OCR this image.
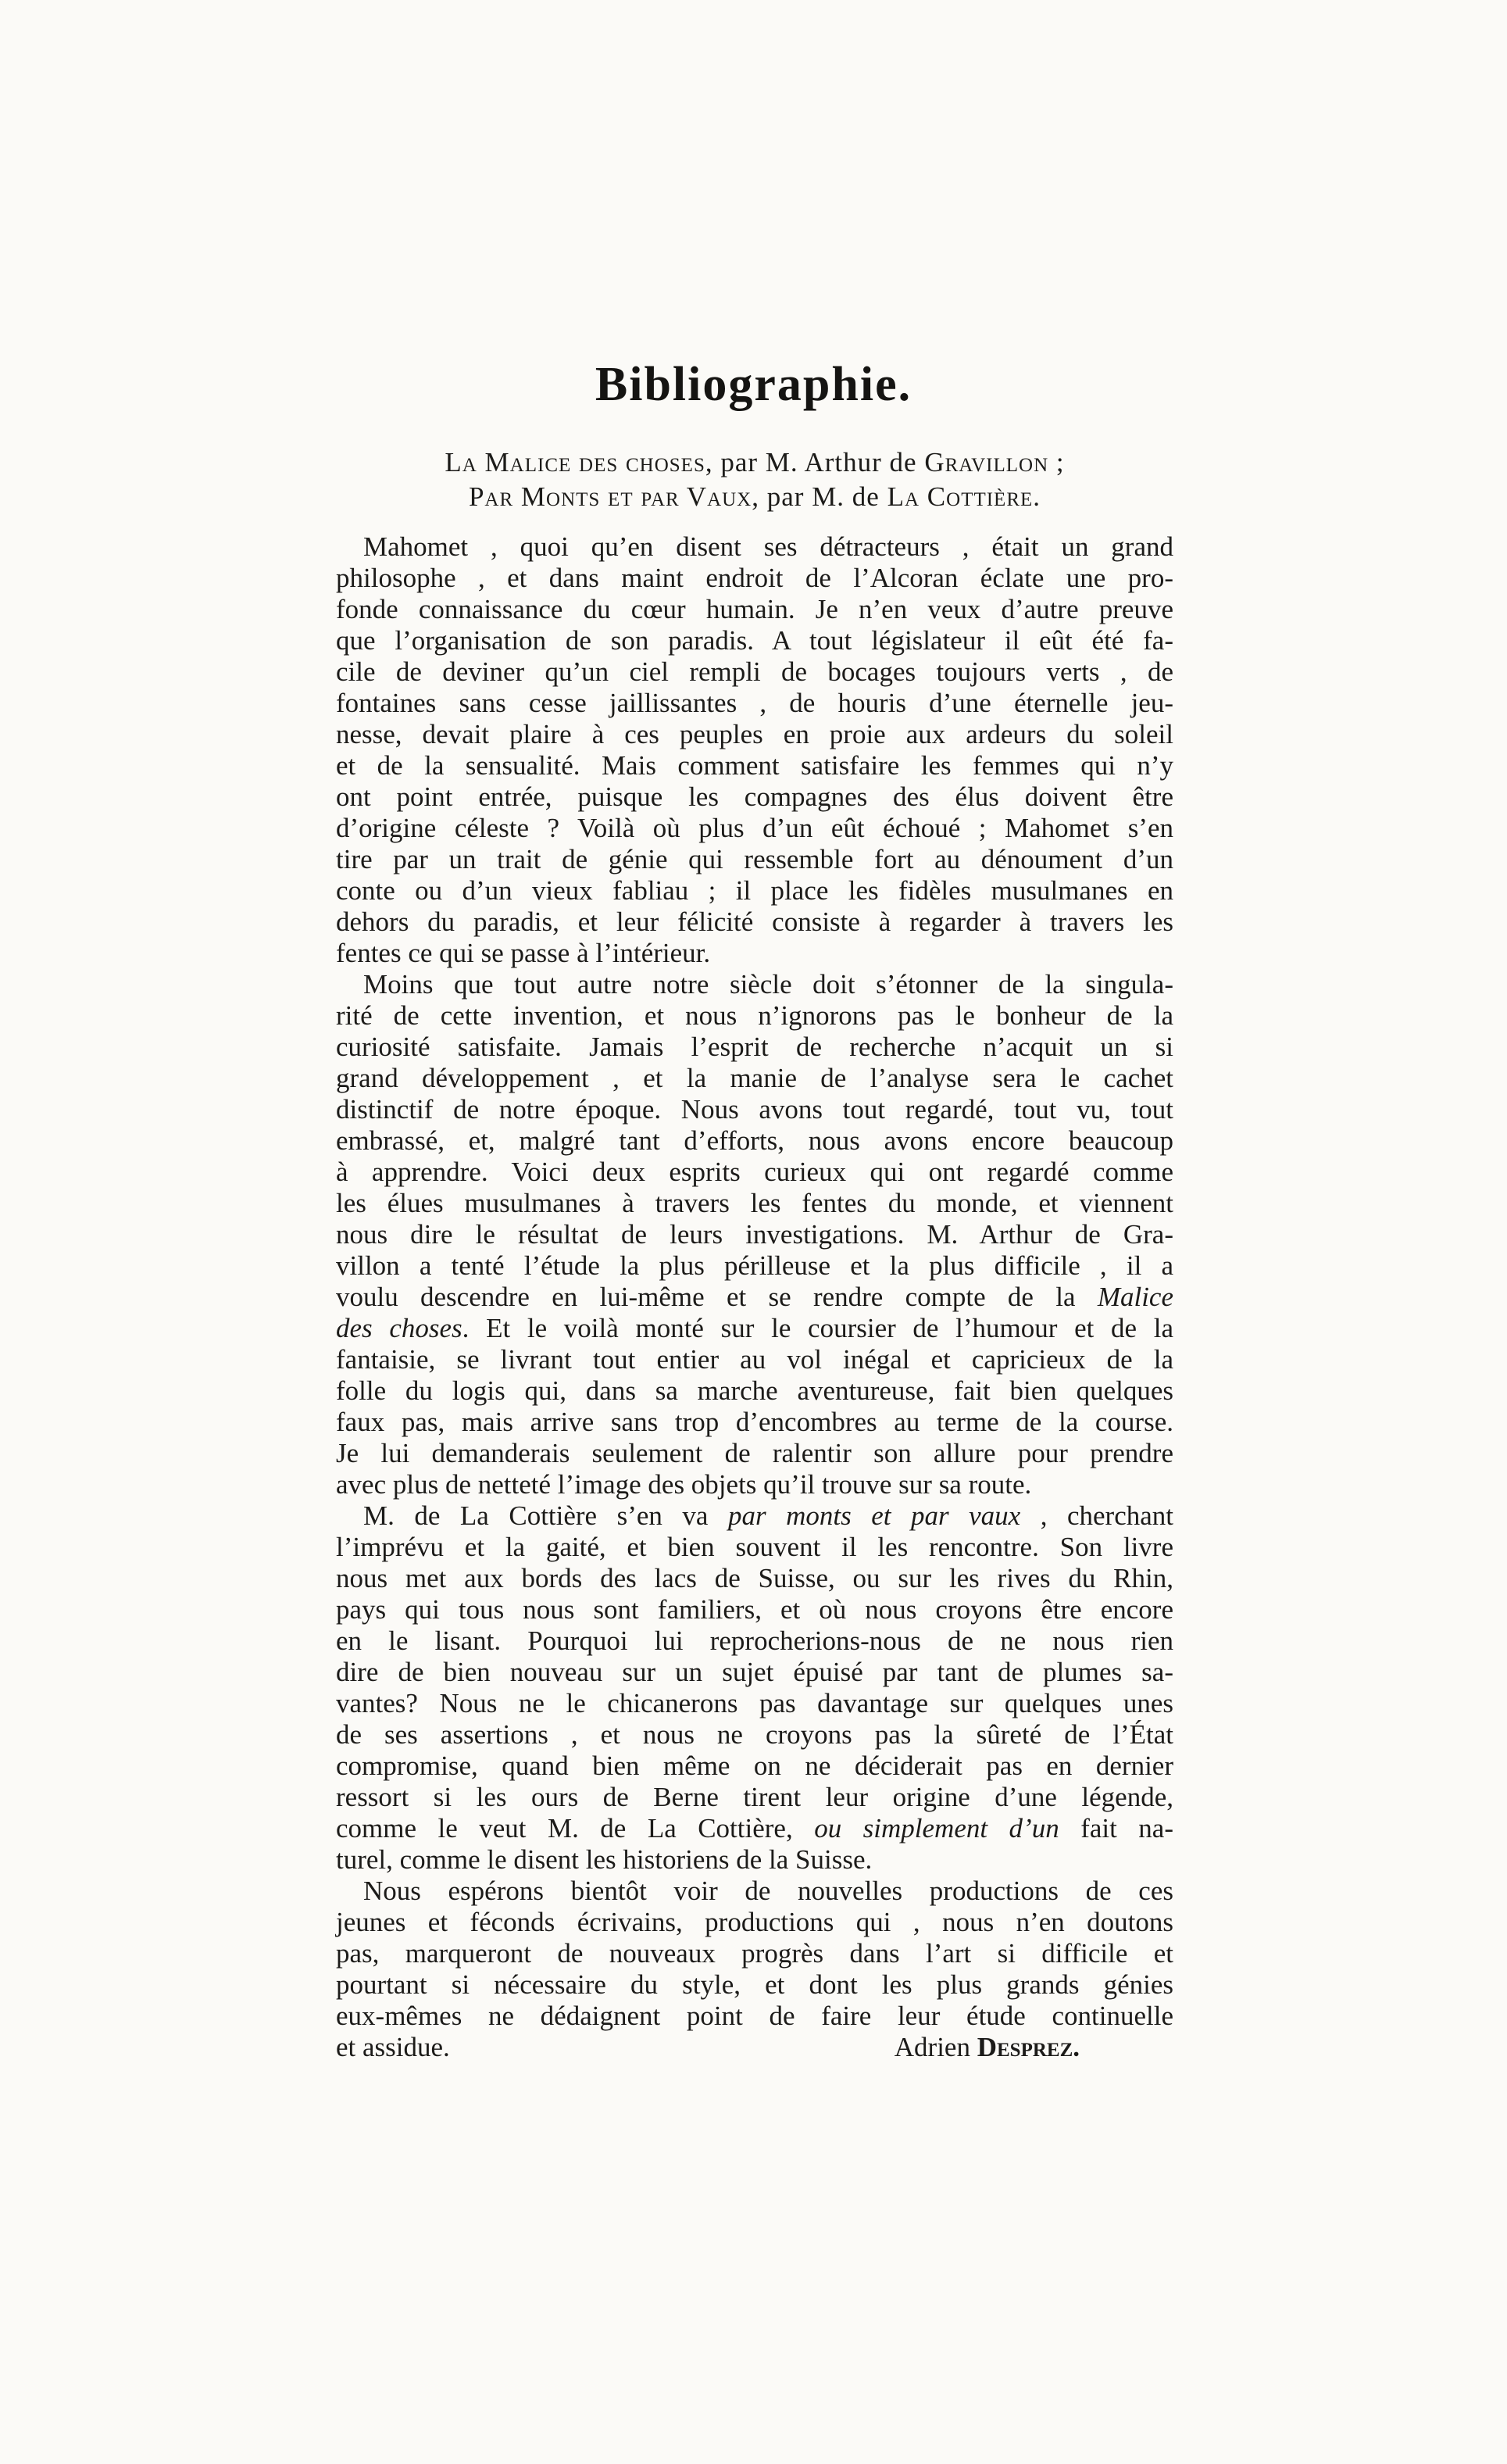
Bibliographie.
La Malice des choses, par M. Arthur de Gravillon ;
Par Monts et par Vaux, par M. de La Cottière.
Mahomet , quoi qu’en disent ses détracteurs , était un grand
philosophe , et dans maint endroit de l’Alcoran éclate une pro-
fonde connaissance du cœur humain. Je n’en veux d’autre preuve
que l’organisation de son paradis. A tout législateur il eût été fa-
cile de deviner qu’un ciel rempli de bocages toujours verts , de
fontaines sans cesse jaillissantes , de houris d’une éternelle jeu-
nesse, devait plaire à ces peuples en proie aux ardeurs du soleil
et de la sensualité. Mais comment satisfaire les femmes qui n’y
ont point entrée, puisque les compagnes des élus doivent être
d’origine céleste ? Voilà où plus d’un eût échoué ; Mahomet s’en
tire par un trait de génie qui ressemble fort au dénoument d’un
conte ou d’un vieux fabliau ; il place les fidèles musulmanes en
dehors du paradis, et leur félicité consiste à regarder à travers les
fentes ce qui se passe à l’intérieur.
Moins que tout autre notre siècle doit s’étonner de la singula-
rité de cette invention, et nous n’ignorons pas le bonheur de la
curiosité satisfaite. Jamais l’esprit de recherche n’acquit un si
grand développement , et la manie de l’analyse sera le cachet
distinctif de notre époque. Nous avons tout regardé, tout vu, tout
embrassé, et, malgré tant d’efforts, nous avons encore beaucoup
à apprendre. Voici deux esprits curieux qui ont regardé comme
les élues musulmanes à travers les fentes du monde, et viennent
nous dire le résultat de leurs investigations. M. Arthur de Gra-
villon a tenté l’étude la plus périlleuse et la plus difficile , il a
voulu descendre en lui-même et se rendre compte de la Malice
des choses. Et le voilà monté sur le coursier de l’humour et de la
fantaisie, se livrant tout entier au vol inégal et capricieux de la
folle du logis qui, dans sa marche aventureuse, fait bien quelques
faux pas, mais arrive sans trop d’encombres au terme de la course.
Je lui demanderais seulement de ralentir son allure pour prendre
avec plus de netteté l’image des objets qu’il trouve sur sa route.
M. de La Cottière s’en va par monts et par vaux , cherchant
l’imprévu et la gaité, et bien souvent il les rencontre. Son livre
nous met aux bords des lacs de Suisse, ou sur les rives du Rhin,
pays qui tous nous sont familiers, et où nous croyons être encore
en le lisant. Pourquoi lui reprocherions-nous de ne nous rien
dire de bien nouveau sur un sujet épuisé par tant de plumes sa-
vantes? Nous ne le chicanerons pas davantage sur quelques unes
de ses assertions , et nous ne croyons pas la sûreté de l’État
compromise, quand bien même on ne déciderait pas en dernier
ressort si les ours de Berne tirent leur origine d’une légende,
comme le veut M. de La Cottière, ou simplement d’un fait na-
turel, comme le disent les historiens de la Suisse.
Nous espérons bientôt voir de nouvelles productions de ces
jeunes et féconds écrivains, productions qui , nous n’en doutons
pas, marqueront de nouveaux progrès dans l’art si difficile et
pourtant si nécessaire du style, et dont les plus grands génies
eux-mêmes ne dédaignent point de faire leur étude continuelle
et assidue.	Adrien Desprez.
